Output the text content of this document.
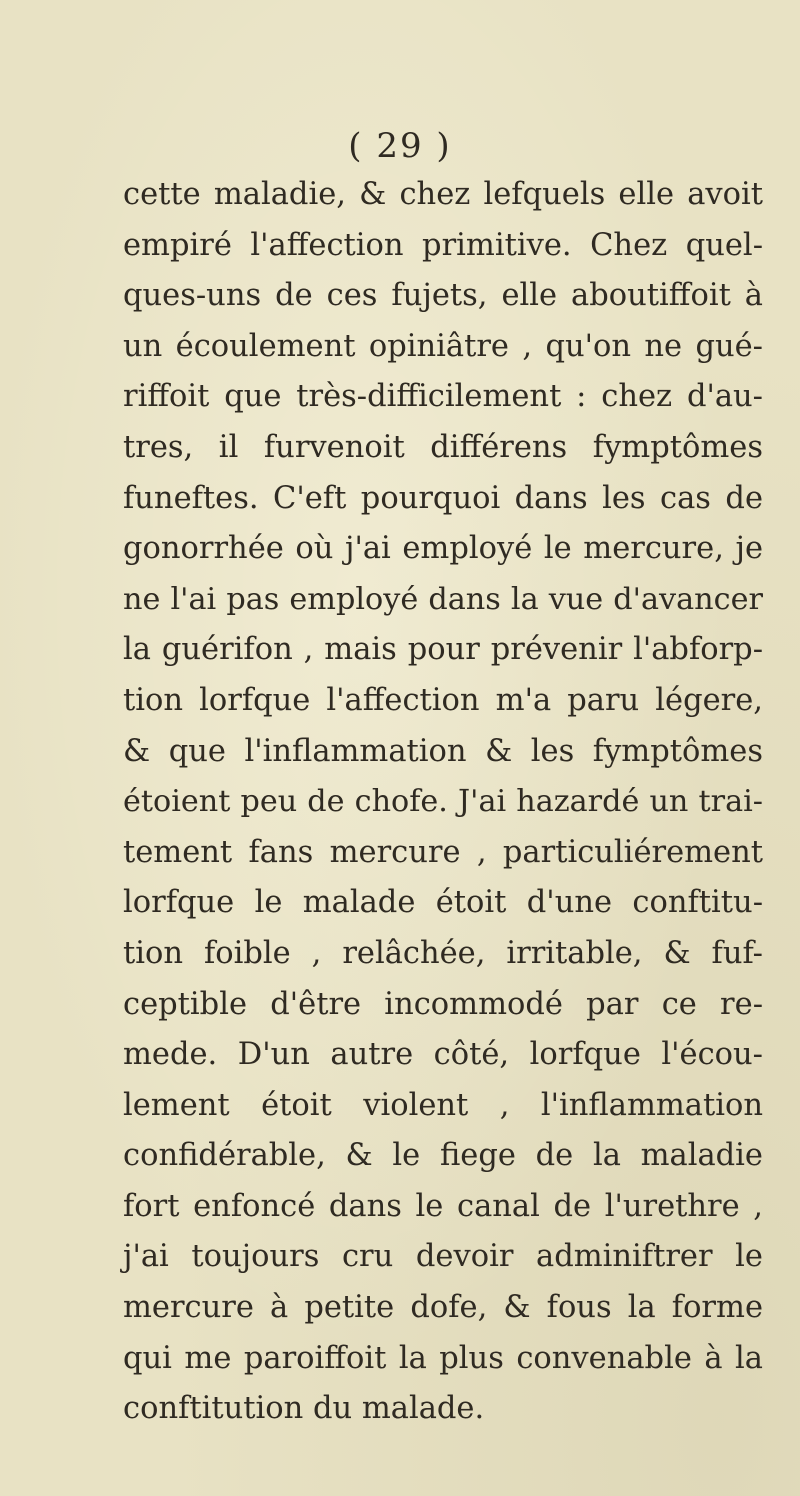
( 29 )
cette maladie, & chez lefquels elle avoit
empiré l'affection primitive. Chez quel-
ques-uns de ces fujets, elle aboutiffoit à
un écoulement opiniâtre , qu'on ne gué-
riffoit que très-difficilement : chez d'au-
tres, il furvenoit différens fymptômes
funeftes. C'eft pourquoi dans les cas de
gonorrhée où j'ai employé le mercure, je
ne l'ai pas employé dans la vue d'avancer
la guérifon , mais pour prévenir l'abforp-
tion lorfque l'affection m'a paru légere,
& que l'inflammation & les fymptômes
étoient peu de chofe. J'ai hazardé un trai-
tement fans mercure , particuliérement
lorfque le malade étoit d'une conftitu-
tion foible , relâchée, irritable, & fuf-
ceptible d'être incommodé par ce re-
mede. D'un autre côté, lorfque l'écou-
lement étoit violent , l'inflammation
confidérable, & le fiege de la maladie
fort enfoncé dans le canal de l'urethre ,
j'ai toujours cru devoir adminiftrer le
mercure à petite dofe, & fous la forme
qui me paroiffoit la plus convenable à la
conftitution du malade.
